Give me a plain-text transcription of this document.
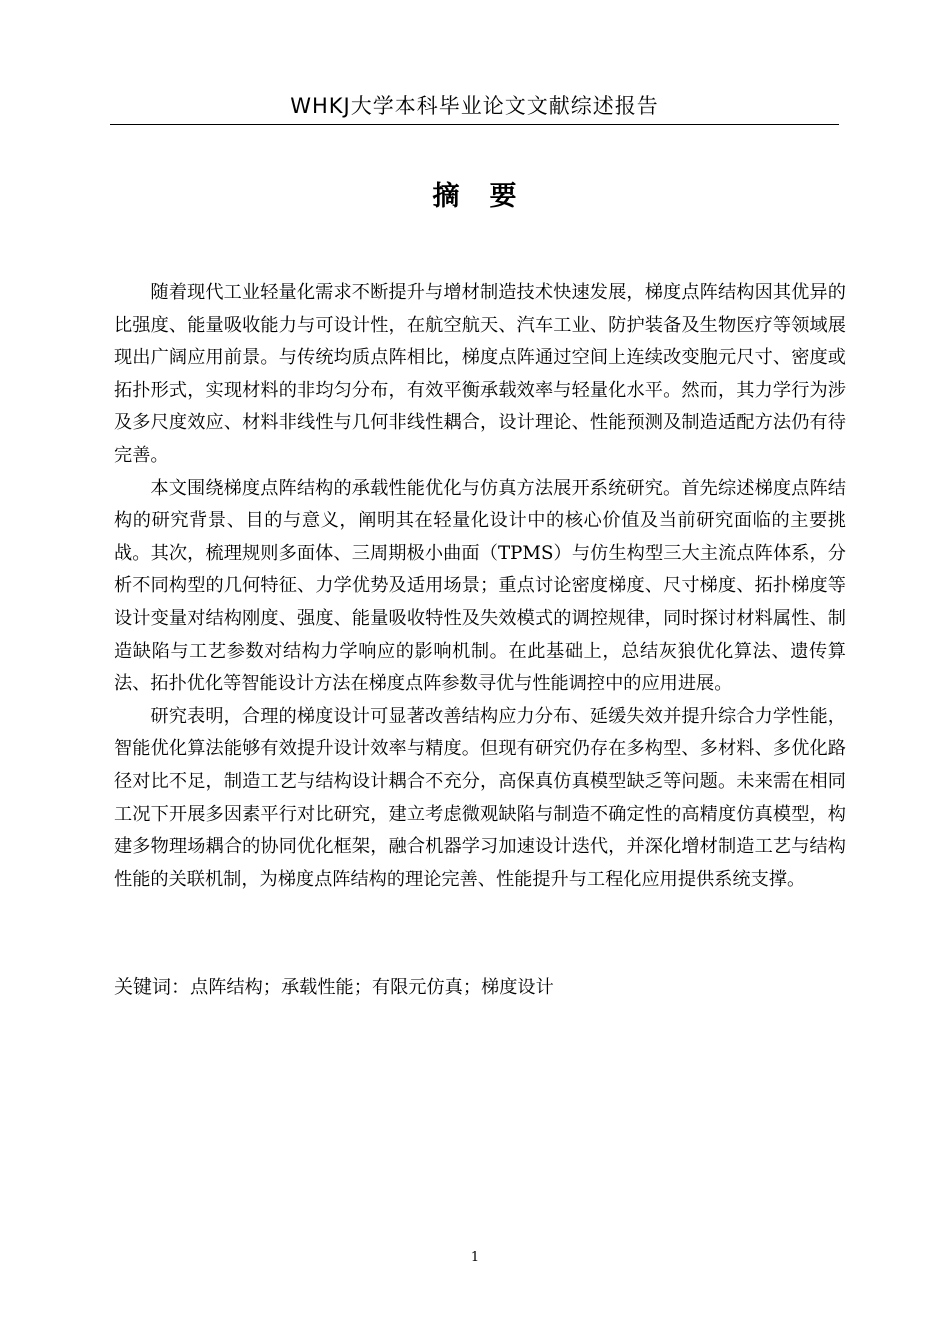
WHKJ大学本科毕业论文文献综述报告
摘要

随着现代工业轻量化需求不断提升与增材制造技术快速发展，梯度点阵结构因其优异的比强度、能量吸收能力与可设计性，在航空航天、汽车工业、防护装备及生物医疗等领域展现出广阔应用前景。与传统均质点阵相比，梯度点阵通过空间上连续改变胞元尺寸、密度或拓扑形式，实现材料的非均匀分布，有效平衡承载效率与轻量化水平。然而，其力学行为涉及多尺度效应、材料非线性与几何非线性耦合，设计理论、性能预测及制造适配方法仍有待完善。

本文围绕梯度点阵结构的承载性能优化与仿真方法展开系统研究。首先综述梯度点阵结构的研究背景、目的与意义，阐明其在轻量化设计中的核心价值及当前研究面临的主要挑战。其次，梳理规则多面体、三周期极小曲面（TPMS）与仿生构型三大主流点阵体系，分析不同构型的几何特征、力学优势及适用场景；重点讨论密度梯度、尺寸梯度、拓扑梯度等设计变量对结构刚度、强度、能量吸收特性及失效模式的调控规律，同时探讨材料属性、制造缺陷与工艺参数对结构力学响应的影响机制。在此基础上，总结灰狼优化算法、遗传算法、拓扑优化等智能设计方法在梯度点阵参数寻优与性能调控中的应用进展。

研究表明，合理的梯度设计可显著改善结构应力分布、延缓失效并提升综合力学性能，智能优化算法能够有效提升设计效率与精度。但现有研究仍存在多构型、多材料、多优化路径对比不足，制造工艺与结构设计耦合不充分，高保真仿真模型缺乏等问题。未来需在相同工况下开展多因素平行对比研究，建立考虑微观缺陷与制造不确定性的高精度仿真模型，构建多物理场耦合的协同优化框架，融合机器学习加速设计迭代，并深化增材制造工艺与结构性能的关联机制，为梯度点阵结构的理论完善、性能提升与工程化应用提供系统支撑。

关键词：点阵结构；承载性能；有限元仿真；梯度设计
1
